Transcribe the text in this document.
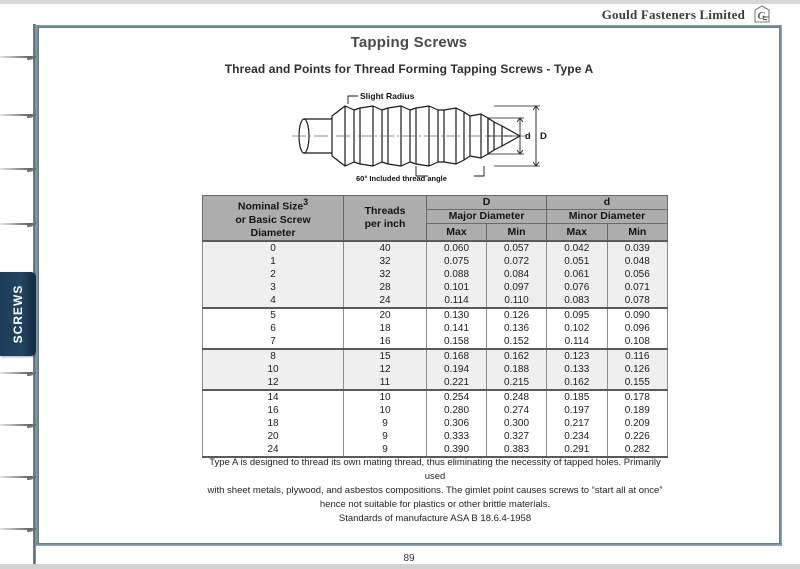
SCREWS
Gould Fasteners Limited G
Tapping Screws
Thread and Points for Thread Forming Tapping Screws - Type A
Slight Radius
60° Included thread angle
d D
Nominal Size$^3$
or Basic Screw
Diameter	Threads
per inch	D		d	
		Major Diameter		Minor Diameter	
		Max	Min	Max	Min
0	40	0.060	0.057	0.042	0.039
1	32	0.075	0.072	0.051	0.048
2	32	0.088	0.084	0.061	0.056
3	28	0.101	0.097	0.076	0.071
4	24	0.114	0.110	0.083	0.078
5	20	0.130	0.126	0.095	0.090
6	18	0.141	0.136	0.102	0.096
7	16	0.158	0.152	0.114	0.108
8	15	0.168	0.162	0.123	0.116
10	12	0.194	0.188	0.133	0.126
12	11	0.221	0.215	0.162	0.155
14	10	0.254	0.248	0.185	0.178
16	10	0.280	0.274	0.197	0.189
18	9	0.306	0.300	0.217	0.209
20	9	0.333	0.327	0.234	0.226
24	9	0.390	0.383	0.291	0.282

Type A is designed to thread its own mating thread, thus eliminating the necessity of tapped holes. Primarily used

with sheet metals, plywood, and asbestos compositions. The gimlet point causes screws to “start all at once”

hence not suitable for plastics or other brittle materials.

Standards of manufacture ASA B 18.6.4-1958

89
